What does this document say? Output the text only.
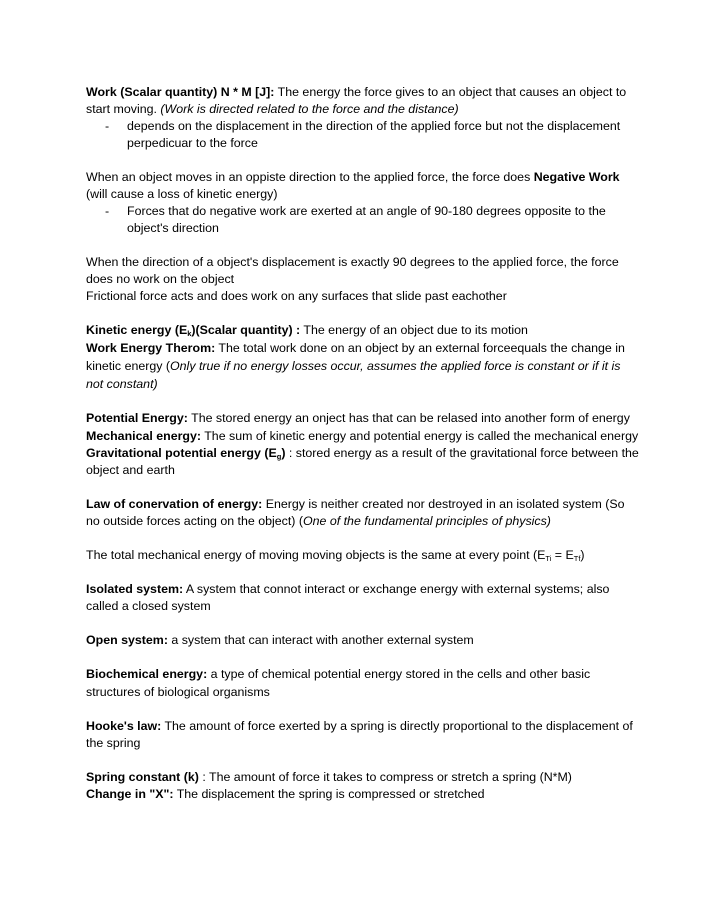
Work (Scalar quantity) N * M [J]: The energy the force gives to an object that causes an object to start moving. (Work is directed related to the force and the distance)

- depends on the displacement in the direction of the applied force but not the displacement perpedicuar to the force

When an object moves in an oppiste direction to the applied force, the force does Negative Work (will cause a loss of kinetic energy)

- Forces that do negative work are exerted at an angle of 90-180 degrees opposite to the object's direction

When the direction of a object's displacement is exactly 90 degrees to the applied force, the force does no work on the object

Frictional force acts and does work on any surfaces that slide past eachother

Kinetic energy $(E_k)(Scalar$ quantity) : The energy of an object due to its motion

Work Energy Therom: The total work done on an object by an external forceequals the change in kinetic energy (Only true if no energy losses occur, assumes the applied force is constant or if it is not constant)

Potential Energy: The stored energy an onject has that can be relased into another form of energy

Mechanical energy: The sum of kinetic energy and potential energy is called the mechanical energy

Gravitational potential energy $(E_g)$ : stored energy as a result of the gravitational force between the object and earth

Law of conervation of energy: Energy is neither created nor destroyed in an isolated system (So no outside forces acting on the object) (One of the fundamental principles of physics)

The total mechanical energy of moving moving objects is the same at every point $(E_{Ti} = E_{Tf})$

Isolated system: A system that connot interact or exchange energy with external systems; also called a closed system

Open system: a system that can interact with another external system

Biochemical energy: a type of chemical potential energy stored in the cells and other basic structures of biological organisms

Hooke's law: The amount of force exerted by a spring is directly proportional to the displacement of the spring

Spring constant (k) : The amount of force it takes to compress or stretch a spring (N*M)

Change in "X": The displacement the spring is compressed or stretched
